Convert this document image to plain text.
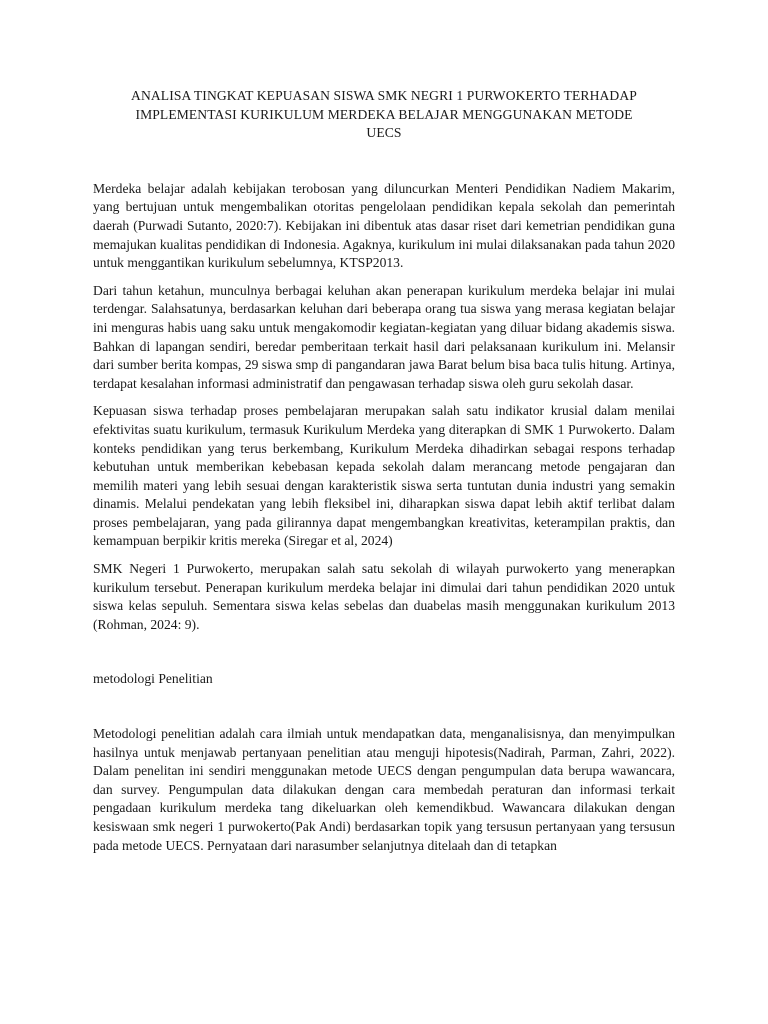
ANALISA TINGKAT KEPUASAN SISWA SMK NEGRI 1 PURWOKERTO TERHADAP
IMPLEMENTASI KURIKULUM MERDEKA BELAJAR MENGGUNAKAN METODE
UECS

Merdeka belajar adalah kebijakan terobosan yang diluncurkan Menteri Pendidikan Nadiem Makarim, yang bertujuan untuk mengembalikan otoritas pengelolaan pendidikan kepala sekolah dan pemerintah daerah (Purwadi Sutanto, 2020:7). Kebijakan ini dibentuk atas dasar riset dari kemetrian pendidikan guna memajukan kualitas pendidikan di Indonesia. Agaknya, kurikulum ini mulai dilaksanakan pada tahun 2020 untuk menggantikan kurikulum sebelumnya, KTSP2013.

Dari tahun ketahun, munculnya berbagai keluhan akan penerapan kurikulum merdeka belajar ini mulai terdengar. Salahsatunya, berdasarkan keluhan dari beberapa orang tua siswa yang merasa kegiatan belajar ini menguras habis uang saku untuk mengakomodir kegiatan-kegiatan yang diluar bidang akademis siswa. Bahkan di lapangan sendiri, beredar pemberitaan terkait hasil dari pelaksanaan kurikulum ini. Melansir dari sumber berita kompas, 29 siswa smp di pangandaran jawa Barat belum bisa baca tulis hitung. Artinya, terdapat kesalahan informasi administratif dan pengawasan terhadap siswa oleh guru sekolah dasar.

Kepuasan siswa terhadap proses pembelajaran merupakan salah satu indikator krusial dalam menilai efektivitas suatu kurikulum, termasuk Kurikulum Merdeka yang diterapkan di SMK 1 Purwokerto. Dalam konteks pendidikan yang terus berkembang, Kurikulum Merdeka dihadirkan sebagai respons terhadap kebutuhan untuk memberikan kebebasan kepada sekolah dalam merancang metode pengajaran dan memilih materi yang lebih sesuai dengan karakteristik siswa serta tuntutan dunia industri yang semakin dinamis. Melalui pendekatan yang lebih fleksibel ini, diharapkan siswa dapat lebih aktif terlibat dalam proses pembelajaran, yang pada gilirannya dapat mengembangkan kreativitas, keterampilan praktis, dan kemampuan berpikir kritis mereka (Siregar et al, 2024)

SMK Negeri 1 Purwokerto, merupakan salah satu sekolah di wilayah purwokerto yang menerapkan kurikulum tersebut. Penerapan kurikulum merdeka belajar ini dimulai dari tahun pendidikan 2020 untuk siswa kelas sepuluh. Sementara siswa kelas sebelas dan duabelas masih menggunakan kurikulum 2013 (Rohman, 2024: 9).

metodologi Penelitian

Metodologi penelitian adalah cara ilmiah untuk mendapatkan data, menganalisisnya, dan menyimpulkan hasilnya untuk menjawab pertanyaan penelitian atau menguji hipotesis(Nadirah, Parman, Zahri, 2022). Dalam penelitan ini sendiri menggunakan metode UECS dengan pengumpulan data berupa wawancara, dan survey. Pengumpulan data dilakukan dengan cara membedah peraturan dan informasi terkait pengadaan kurikulum merdeka tang dikeluarkan oleh kemendikbud. Wawancara dilakukan dengan kesiswaan smk negeri 1 purwokerto(Pak Andi) berdasarkan topik yang tersusun pertanyaan yang tersusun pada metode UECS. Pernyataan dari narasumber selanjutnya ditelaah dan di tetapkan
